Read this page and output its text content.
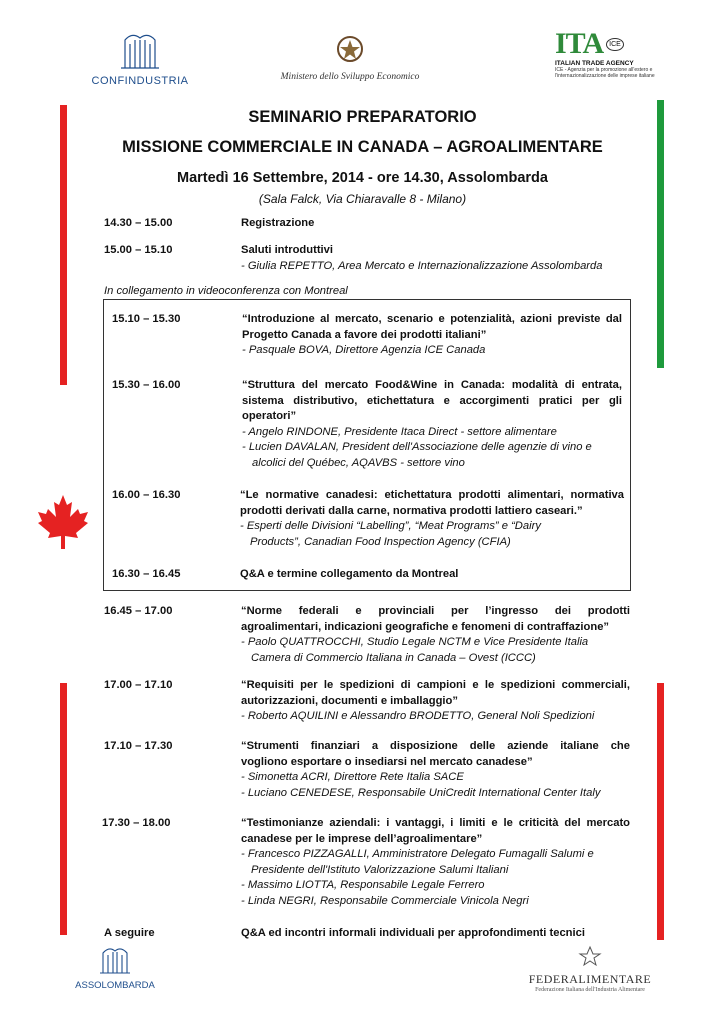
CONFINDUSTRIA	Ministero dello Sviluppo Economico
ITA ICE
ITALIAN TRADE AGENCY
ICE - Agenzia per la promozione all'estero e
l'internazionalizzazione delle imprese italiane
SEMINARIO PREPARATORIO
MISSIONE COMMERCIALE IN CANADA – AGROALIMENTARE
Martedì 16 Settembre, 2014 - ore 14.30, Assolombarda
(Sala Falck, Via Chiaravalle 8 - Milano)
14.30 – 15.00	Registrazione
15.00 – 15.10	Saluti introduttivi
- Giulia REPETTO, Area Mercato e Internazionalizzazione Assolombarda
In collegamento in videoconferenza con Montreal
15.10 – 15.30	“Introduzione al mercato, scenario e potenzialità, azioni previste dal
Progetto Canada a favore dei prodotti italiani”
- Pasquale BOVA, Direttore Agenzia ICE Canada
15.30 – 16.00	“Struttura del mercato Food&Wine in Canada: modalità di entrata,
sistema distributivo, etichettatura e accorgimenti pratici per gli
operatori”
- Angelo RINDONE, Presidente Itaca Direct - settore alimentare
- Lucien DAVALAN, President dell'Associazione delle agenzie di vino e
alcolici del Québec, AQAVBS - settore vino
16.00 – 16.30	“Le normative canadesi: etichettatura prodotti alimentari, normativa
prodotti derivati dalla carne, normativa prodotti lattiero caseari.”
- Esperti delle Divisioni “Labelling”, “Meat Programs” e “Dairy
Products”, Canadian Food Inspection Agency (CFIA)
16.30 – 16.45	Q&A e termine collegamento da Montreal
16.45 – 17.00	“Norme federali e provinciali per l’ingresso dei prodotti
agroalimentari, indicazioni geografiche e fenomeni di contraffazione”
- Paolo QUATTROCCHI, Studio Legale NCTM e Vice Presidente Italia
Camera di Commercio Italiana in Canada – Ovest (ICCC)
17.00 – 17.10	“Requisiti per le spedizioni di campioni e le spedizioni commerciali,
autorizzazioni, documenti e imballaggio”
- Roberto AQUILINI e Alessandro BRODETTO, General Noli Spedizioni
17.10 – 17.30	“Strumenti finanziari a disposizione delle aziende italiane che
vogliono esportare o insediarsi nel mercato canadese”
- Simonetta ACRI, Direttore Rete Italia SACE
- Luciano CENEDESE, Responsabile UniCredit International Center Italy
17.30 – 18.00	“Testimonianze aziendali: i vantaggi, i limiti e le criticità del mercato
canadese per le imprese dell’agroalimentare”
- Francesco PIZZAGALLI, Amministratore Delegato Fumagalli Salumi e
Presidente dell'Istituto Valorizzazione Salumi Italiani
- Massimo LIOTTA, Responsabile Legale Ferrero
- Linda NEGRI, Responsabile Commerciale Vinicola Negri
A seguire	Q&A ed incontri informali individuali per approfondimenti tecnici
ASSOLOMBARDA	FEDERALIMENTARE
Federazione Italiana dell'Industria Alimentare
